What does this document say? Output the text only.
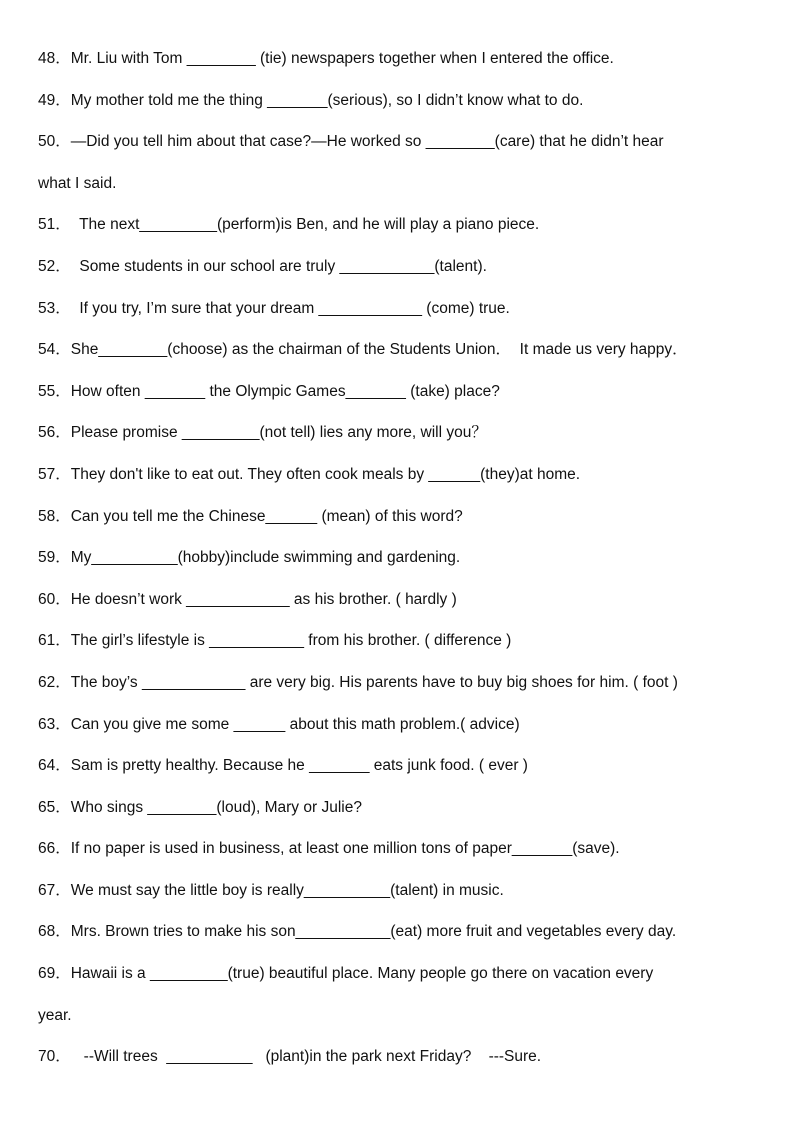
48．Mr. Liu with Tom ________ (tie) newspapers together when I entered the office.
49．My mother told me the thing _______(serious), so I didn’t know what to do.
50．—Did you tell him about that case?—He worked so ________(care) that he didn’t hear
what I said.
51．  The next_________(perform)is Ben, and he will play a piano piece.
52．  Some students in our school are truly ___________(talent).
53．  If you try, I’m sure that your dream ____________ (come) true.
54．She________(choose) as the chairman of the Students Union．  It made us very happy．
55．How often _______ the Olympic Games_______ (take) place?
56．Please promise _________(not tell) lies any more, will you？
57．They don't like to eat out. They often cook meals by ______(they)at home.
58．Can you tell me the Chinese______ (mean) of this word?
59．My__________(hobby)include swimming and gardening.
60．He doesn’t work ____________ as his brother. ( hardly )
61．The girl’s lifestyle is ___________ from his brother. ( difference )
62．The boy’s ____________ are very big. His parents have to buy big shoes for him. ( foot )
63．Can you give me some ______ about this math problem.( advice)
64．Sam is pretty healthy. Because he _______ eats junk food. ( ever )
65．Who sings ________(loud), Mary or Julie?
66．If no paper is used in business, at least one million tons of paper_______(save).
67．We must say the little boy is really__________(talent) in music.
68．Mrs. Brown tries to make his son___________(eat) more fruit and vegetables every day.
69．Hawaii is a _________(true) beautiful place. Many people go there on vacation every
year.
70．   --Will trees  __________   (plant)in the park next Friday?    ---Sure.
